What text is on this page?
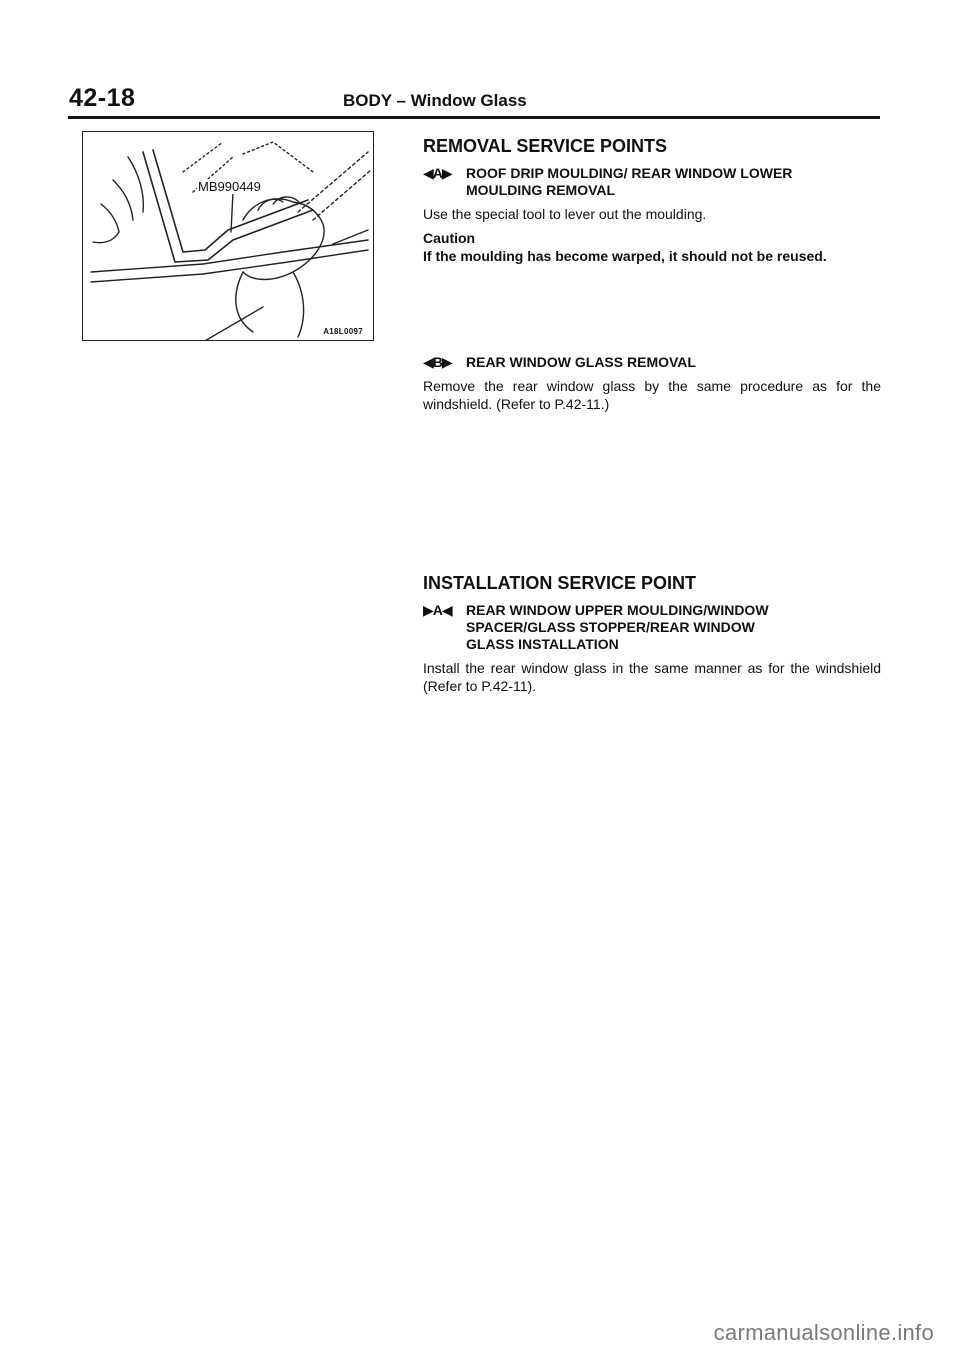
42-18	BODY – Window Glass
MB990449
A18L0097
REMOVAL SERVICE POINTS
◀A▶ ROOF DRIP MOULDING/ REAR WINDOW LOWER
MOULDING REMOVAL
Use the special tool to lever out the moulding.
Caution
If the moulding has become warped, it should not be reused.
◀B▶ REAR WINDOW GLASS REMOVAL
Remove the rear window glass by the same procedure as for the windshield. (Refer to P.42-11.)
INSTALLATION SERVICE POINT
▶A◀ REAR WINDOW UPPER MOULDING/WINDOW
SPACER/GLASS STOPPER/REAR WINDOW
GLASS INSTALLATION
Install the rear window glass in the same manner as for the windshield (Refer to P.42-11).
carmanualsonline.info
